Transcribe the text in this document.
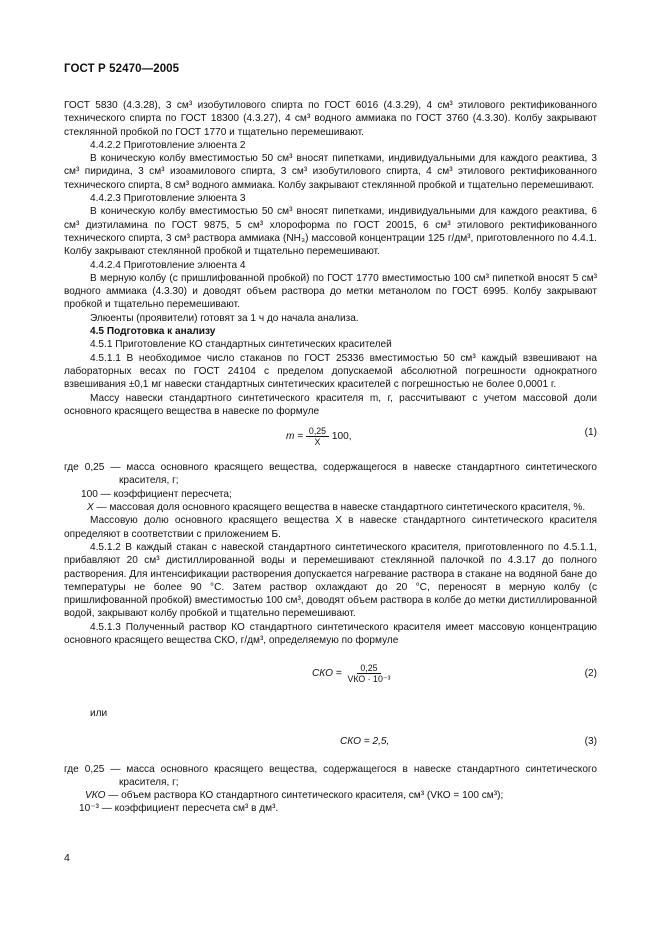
ГОСТ Р 52470—2005

ГОСТ 5830 (4.3.28), 3 см³ изобутилового спирта по ГОСТ 6016 (4.3.29), 4 см³ этилового ректификованного технического спирта по ГОСТ 18300 (4.3.27), 4 см³ водного аммиака по ГОСТ 3760 (4.3.30). Колбу закрывают стеклянной пробкой по ГОСТ 1770 и тщательно перемешивают.

4.4.2.2 Приготовление элюента 2

В коническую колбу вместимостью 50 см³ вносят пипетками, индивидуальными для каждого реактива, 3 см³ пиридина, 3 см³ изоамилового спирта, 3 см³ изобутилового спирта, 4 см³ этилового ректификованного технического спирта, 8 см³ водного аммиака. Колбу закрывают стеклянной пробкой и тщательно перемешивают.

4.4.2.3 Приготовление элюента 3

В коническую колбу вместимостью 50 см³ вносят пипетками, индивидуальными для каждого реактива, 6 см³ диэтиламина по ГОСТ 9875, 5 см³ хлороформа по ГОСТ 20015, 6 см³ этилового ректификованного технического спирта, 3 см³ раствора аммиака (NH₃) массовой концентрации 125 г/дм³, приготовленного по 4.4.1. Колбу закрывают стеклянной пробкой и тщательно перемешивают.

4.4.2.4 Приготовление элюента 4

В мерную колбу (с пришлифованной пробкой) по ГОСТ 1770 вместимостью 100 см³ пипеткой вносят 5 см³ водного аммиака (4.3.30) и доводят объем раствора до метки метанолом по ГОСТ 6995. Колбу закрывают пробкой и тщательно перемешивают.

Элюенты (проявители) готовят за 1 ч до начала анализа.

4.5 Подготовка к анализу

4.5.1 Приготовление КО стандартных синтетических красителей

4.5.1.1 В необходимое число стаканов по ГОСТ 25336 вместимостью 50 см³ каждый взвешивают на лабораторных весах по ГОСТ 24104 с пределом допускаемой абсолютной погрешности однократного взвешивания ±0,1 мг навески стандартных синтетических красителей с погрешностью не более 0,0001 г.

Массу навески стандартного синтетического красителя m, г, рассчитывают с учетом массовой доли основного красящего вещества в навеске по формуле

$m = \frac{0,25}{X} 100$,	(1)

где 0,25 — масса основного красящего вещества, содержащегося в навеске стандартного синтетического красителя, г;

100 — коэффициент пересчета;

X — массовая доля основного красящего вещества в навеске стандартного синтетического красителя, %.

Массовую долю основного красящего вещества X в навеске стандартного синтетического красителя определяют в соответствии с приложением Б.

4.5.1.2 В каждый стакан с навеской стандартного синтетического красителя, приготовленного по 4.5.1.1, прибавляют 20 см³ дистиллированной воды и перемешивают стеклянной палочкой по 4.3.17 до полного растворения. Для интенсификации растворения допускается нагревание раствора в стакане на водяной бане до температуры не более 90 °С. Затем раствор охлаждают до 20 °С, переносят в мерную колбу (с пришлифованной пробкой) вместимостью 100 см³, доводят объем раствора в колбе до метки дистиллированной водой, закрывают колбу пробкой и тщательно перемешивают.

4.5.1.3 Полученный раствор КО стандартного синтетического красителя имеет массовую концентрацию основного красящего вещества CКО, г/дм³, определяемую по формуле

CКО = $\frac{0,25}{\text{VКО · 10⁻³}}$	(2)

или

CКО = 2,5,	(3)

где 0,25 — масса основного красящего вещества, содержащегося в навеске стандартного синтетического красителя, г;

VКО — объем раствора КО стандартного синтетического красителя, см³ (VКО = 100 см³);

10⁻³ — коэффициент пересчета см³ в дм³.

4
